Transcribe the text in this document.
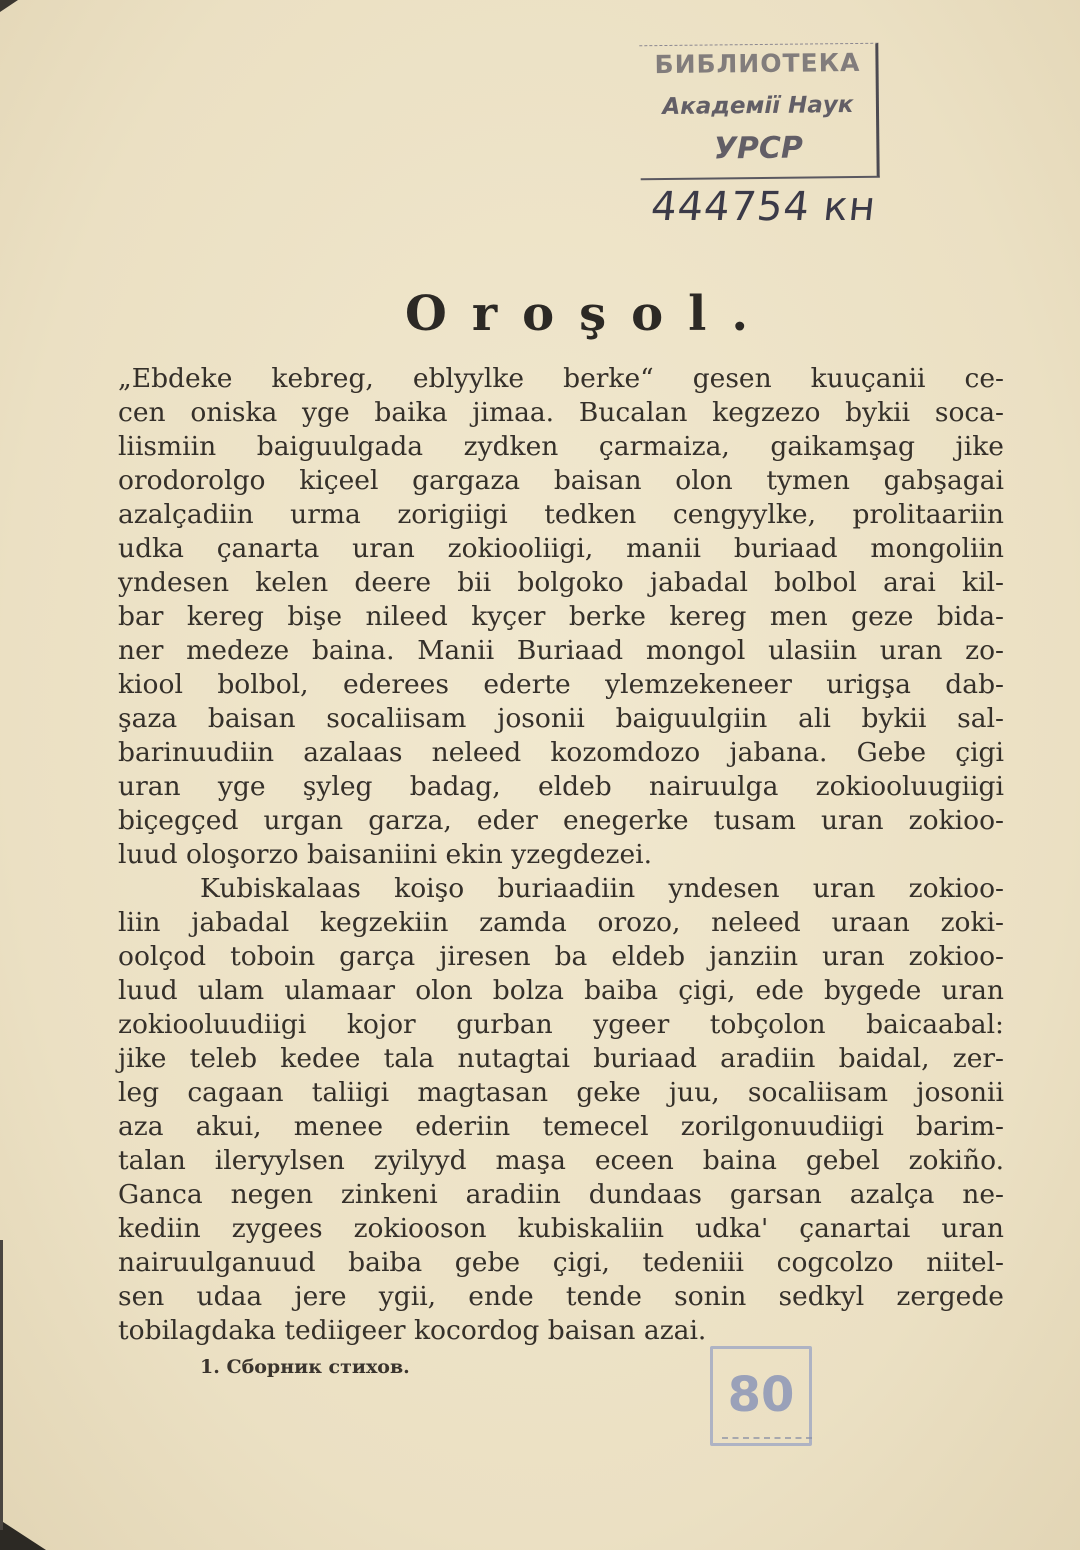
БИБЛИОТЕКА
Академії Наук
УРСР
444754 кн
Oroşol.
„Ebdeke kebreg, eblyylke berke“ gesen kuuçanii ce-
cen oniska yge baika jimaa. Bucalan kegzezo bykii soca-
liismiin baiguulgada zydken çarmaiza, gaikamşag jike
orodorolgo kiçeel gargaza baisan olon tymen gabşagai
azalçadiin urma zorigiigi tedken cengyylke, prolitaariin
udka çanarta uran zokiooliigi, manii buriaad mongoliin
yndesen kelen deere bii bolgoko jabadal bolbol arai kil-
bar kereg bişe nileed kyçer berke kereg men geze bida-
ner medeze baina. Manii Buriaad mongol ulasiin uran zo-
kiool bolbol, ederees ederte ylemzekeneer urigşa dab-
şaza baisan socaliisam josonii baiguulgiin ali bykii sal-
barinuudiin azalaas neleed kozomdozo jabana. Gebe çigi
uran yge şyleg badag, eldeb nairuulga zokiooluugiigi
biçegçed urgan garza, eder enegerke tusam uran zokioo-
luud oloşorzo baisaniini ekin yzegdezei.
Kubiskalaas koişo buriaadiin yndesen uran zokioo-
liin jabadal kegzekiin zamda orozo, neleed uraan zoki-
oolçod toboin garça jiresen ba eldeb janziin uran zokioo-
luud ulam ulamaar olon bolza baiba çigi, ede bygede uran
zokiooluudiigi kojor gurban ygeer tobçolon baicaabal:
jike teleb kedee tala nutagtai buriaad aradiin baidal, zer-
leg cagaan taliigi magtasan geke juu, socaliisam josonii
aza akui, menee ederiin temecel zorilgonuudiigi barim-
talan ileryylsen zyilyyd maşa eceen baina gebel zokiño.
Ganca negen zinkeni aradiin dundaas garsan azalça ne-
kediin zygees zokiooson kubiskaliin udka' çanartai uran
nairuulganuud baiba gebe çigi, tedeniii cogcolzo niitel-
sen udaa jere ygii, ende tende sonin sedkyl zergede
tobilagdaka tediigeer kocordog baisan azai.
1. Сборник стихов.	80
